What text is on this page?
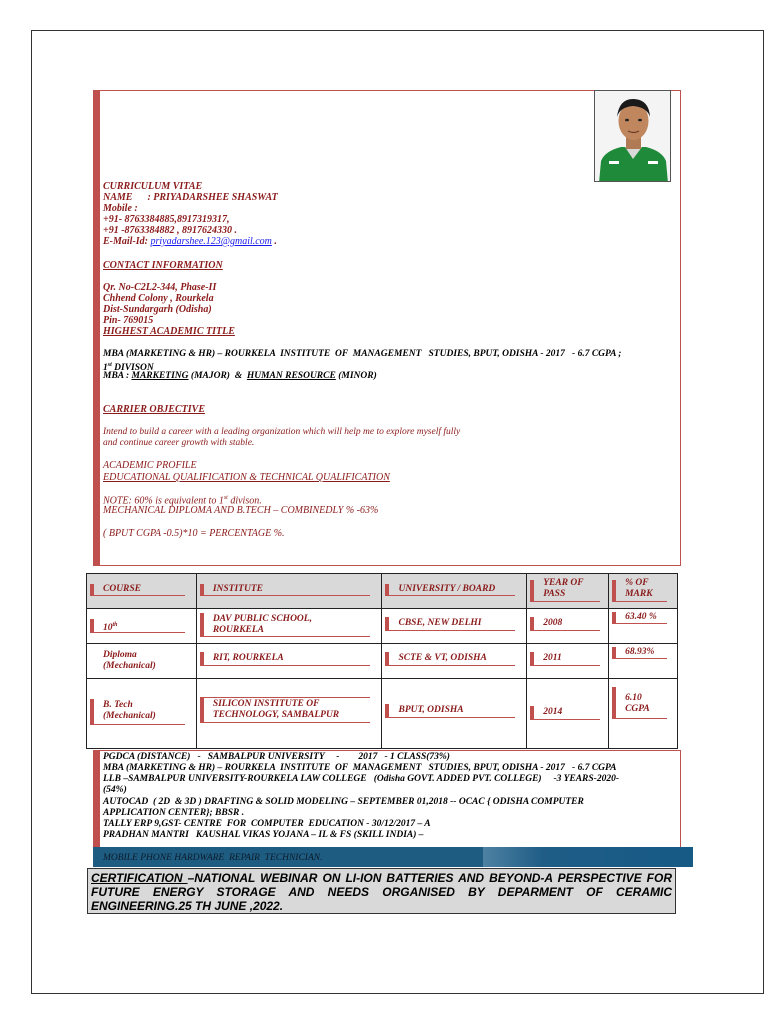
CURRICULUM VITAE
NAME      : PRIYADARSHEE SHASWAT
Mobile :
+91- 8763384885,8917319317,
+91 -8763384882 , 8917624330 .
E-Mail-Id: priyadarshee.123@gmail.com .
CONTACT INFORMATION
Qr. No-C2L2-344, Phase-II
Chhend Colony , Rourkela
Dist-Sundargarh (Odisha)
Pin- 769015
HIGHEST ACADEMIC TITLE
MBA (MARKETING & HR) – ROURKELA  INSTITUTE  OF  MANAGEMENT   STUDIES, BPUT, ODISHA - 2017   - 6.7 CGPA ;
1st DIVISON
MBA : MARKETING (MAJOR)  &  HUMAN RESOURCE (MINOR)
CARRIER OBJECTIVE
Intend to build a career with a leading organization which will help me to explore myself fully
and continue career growth with stable.
ACADEMIC PROFILE
EDUCATIONAL QUALIFICATION & TECHNICAL QUALIFICATION
NOTE: 60% is equivalent to 1st divison.
MECHANICAL DIPLOMA AND B.TECH – COMBINEDLY % -63%
( BPUT CGPA -0.5)*10 = PERCENTAGE %.
COURSE	INSTITUTE	UNIVERSITY / BOARD	YEAR OF PASS	% OF MARK

10th	DAV PUBLIC SCHOOL, ROURKELA	CBSE, NEW DELHI	2008	63.40 %

Diploma (Mechanical)	RIT, ROURKELA	SCTE & VT, ODISHA	2011	68.93%

B. Tech (Mechanical)	SILICON INSTITUTE OF TECHNOLOGY, SAMBALPUR	BPUT, ODISHA	2014	6.10 CGPA
PGDCA (DISTANCE)   -   SAMBALPUR UNIVERSITY     -        2017   - 1 CLASS(73%)
MBA (MARKETING & HR) – ROURKELA  INSTITUTE  OF  MANAGEMENT   STUDIES, BPUT, ODISHA - 2017   - 6.7 CGPA
LLB –SAMBALPUR UNIVERSITY-ROURKELA LAW COLLEGE   (Odisha GOVT. ADDED PVT. COLLEGE)     -3 YEARS-2020-
(54%)
AUTOCAD  ( 2D  & 3D ) DRAFTING & SOLID MODELING – SEPTEMBER 01,2018 -- OCAC { ODISHA COMPUTER
APPLICATION CENTER}; BBSR .
TALLY ERP 9,GST- CENTRE  FOR  COMPUTER  EDUCATION - 30/12/2017 – A
PRADHAN MANTRI   KAUSHAL VIKAS YOJANA – IL & FS (SKILL INDIA) –
MOBILE PHONE HARDWARE  REPAIR  TECHNICIAN.
CERTIFICATION –NATIONAL WEBINAR ON LI-ION BATTERIES AND BEYOND-A PERSPECTIVE FOR FUTURE ENERGY STORAGE AND NEEDS ORGANISED BY DEPARMENT OF CERAMIC ENGINEERING.25 TH JUNE ,2022.
